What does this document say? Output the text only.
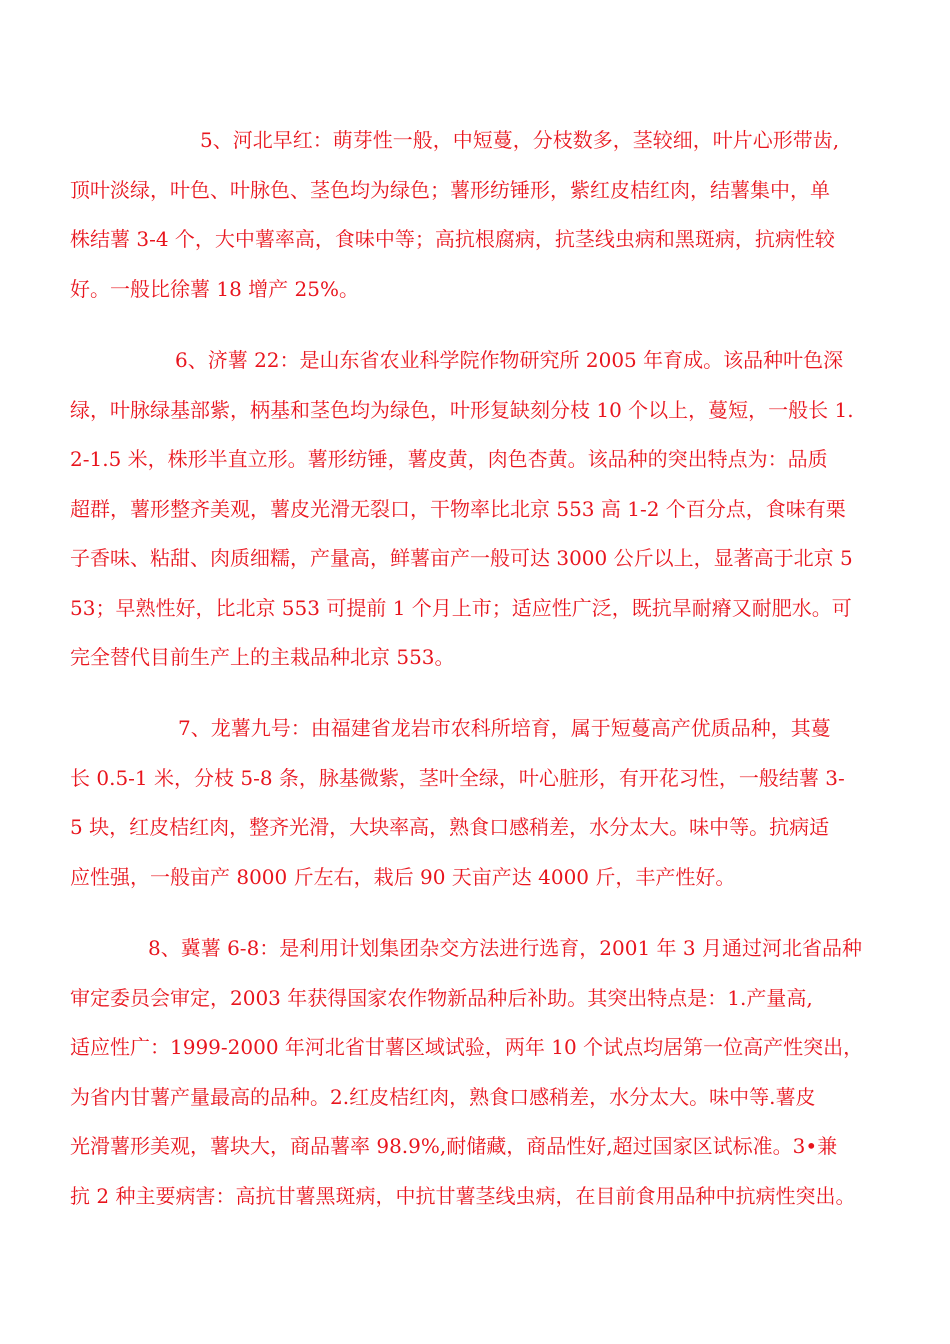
5、河北早红：萌芽性一般，中短蔓，分枝数多，茎较细，叶片心形带齿,
顶叶淡绿，叶色、叶脉色、茎色均为绿色；薯形纺锤形，紫红皮桔红肉，结薯集中，单
株结薯 3-4 个，大中薯率高，食味中等；高抗根腐病，抗茎线虫病和黑斑病，抗病性较
好。一般比徐薯 18 增产 25%。
6、济薯 22：是山东省农业科学院作物研究所 2005 年育成。该品种叶色深
绿，叶脉绿基部紫，柄基和茎色均为绿色，叶形复缺刻分枝 10 个以上，蔓短，一般长 1.
2-1.5 米，株形半直立形。薯形纺锤，薯皮黄，肉色杏黄。该品种的突出特点为：品质
超群，薯形整齐美观，薯皮光滑无裂口，干物率比北京 553 高 1-2 个百分点，食味有栗
子香味、粘甜、肉质细糯，产量高，鲜薯亩产一般可达 3000 公斤以上，显著高于北京 5
53；早熟性好，比北京 553 可提前 1 个月上市；适应性广泛，既抗旱耐瘠又耐肥水。可
完全替代目前生产上的主栽品种北京 553。
7、龙薯九号：由福建省龙岩市农科所培育，属于短蔓高产优质品种，其蔓
长 0.5-1 米，分枝 5-8 条，脉基微紫，茎叶全绿，叶心脏形，有开花习性，一般结薯 3-
5 块，红皮桔红肉，整齐光滑，大块率高，熟食口感稍差，水分太大。味中等。抗病适
应性强，一般亩产 8000 斤左右，栽后 90 天亩产达 4000 斤，丰产性好。
8、冀薯 6-8：是利用计划集团杂交方法进行选育，2001 年 3 月通过河北省品种
审定委员会审定，2003 年获得国家农作物新品种后补助。其突出特点是：1.产量高,
适应性广：1999-2000 年河北省甘薯区域试验，两年 10 个试点均居第一位高产性突出，
为省内甘薯产量最高的品种。2.红皮桔红肉，熟食口感稍差，水分太大。味中等.薯皮
光滑薯形美观，薯块大，商品薯率 98.9%,耐储藏，商品性好,超过国家区试标准。3•兼
抗 2 种主要病害：高抗甘薯黑斑病，中抗甘薯茎线虫病，在目前食用品种中抗病性突出。
